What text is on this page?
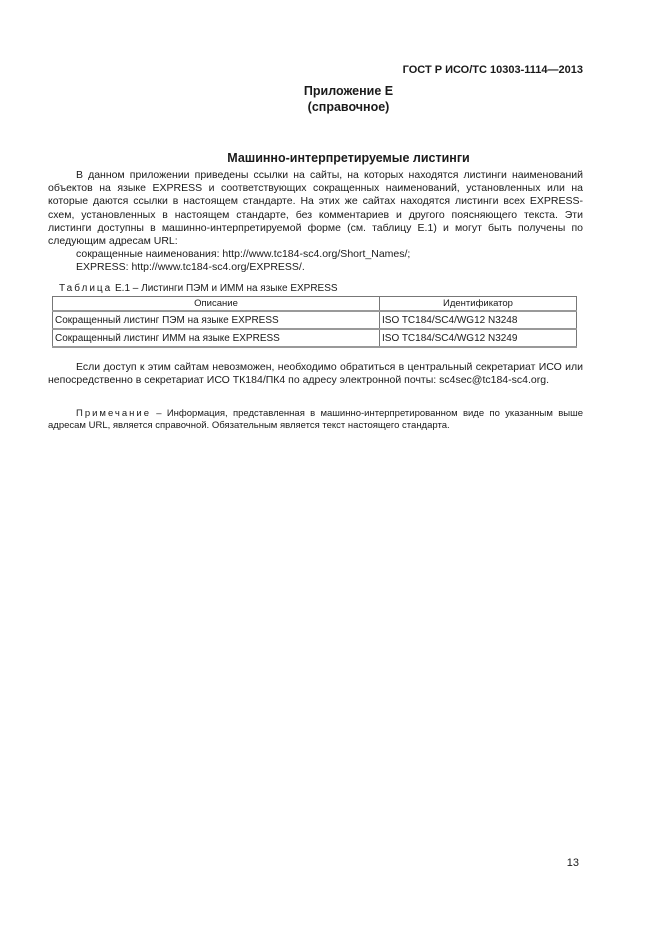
ГОСТ Р ИСО/ТС 10303-1114—2013
Приложение Е
(справочное)
Машинно-интерпретируемые листинги

В данном приложении приведены ссылки на сайты, на которых находятся листинги наименований объектов на языке EXPRESS и соответствующих сокращенных наименований, установленных или на которые даются ссылки в настоящем стандарте. На этих же сайтах находятся листинги всех EXPRESS-схем, установленных в настоящем стандарте, без комментариев и другого поясняющего текста. Эти листинги доступны в машинно-интерпретируемой форме (см. таблицу Е.1) и могут быть получены по следующим адресам URL:

сокращенные наименования: http://www.tc184-sc4.org/Short_Names/;

EXPRESS: http://www.tc184-sc4.org/EXPRESS/.

Таблица Е.1 – Листинги ПЭМ и ИММ на языке EXPRESS
Описание	Идентификатор
Сокращенный листинг ПЭМ на языке EXPRESS	ISO TC184/SC4/WG12 N3248
Сокращенный листинг ИММ на языке EXPRESS	ISO TC184/SC4/WG12 N3249

Если доступ к этим сайтам невозможен, необходимо обратиться в центральный секретариат ИСО или непосредственно в секретариат ИСО ТК184/ПК4 по адресу электронной почты: sc4sec@tc184-sc4.org.

Примечание – Информация, представленная в машинно-интерпретированном виде по указанным выше адресам URL, является справочной. Обязательным является текст настоящего стандарта.
13
